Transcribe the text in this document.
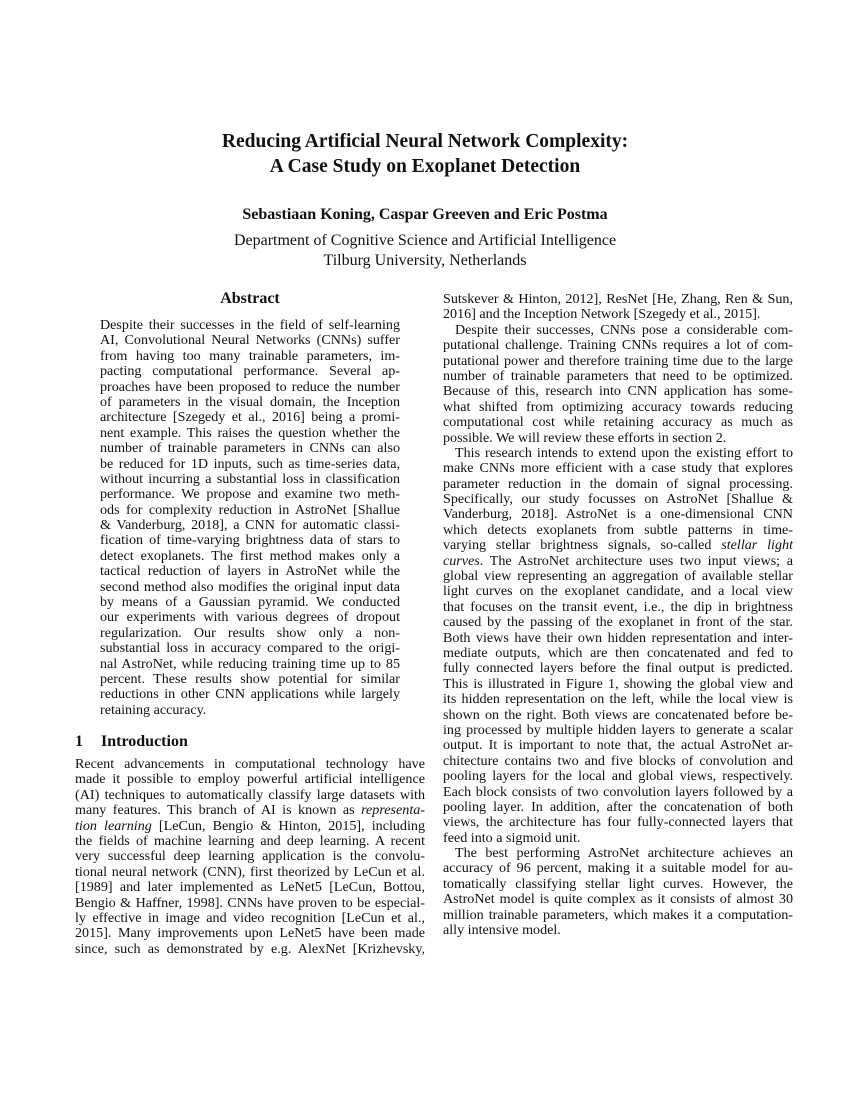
Reducing Artificial Neural Network Complexity:
A Case Study on Exoplanet Detection
Sebastiaan Koning, Caspar Greeven and Eric Postma
Department of Cognitive Science and Artificial Intelligence
Tilburg University, Netherlands
Abstract
Despite their successes in the field of self-learning
AI, Convolutional Neural Networks (CNNs) suffer
from having too many trainable parameters, im-
pacting computational performance. Several ap-
proaches have been proposed to reduce the number
of parameters in the visual domain, the Inception
architecture [Szegedy et al., 2016] being a promi-
nent example. This raises the question whether the
number of trainable parameters in CNNs can also
be reduced for 1D inputs, such as time-series data,
without incurring a substantial loss in classification
performance. We propose and examine two meth-
ods for complexity reduction in AstroNet [Shallue
& Vanderburg, 2018], a CNN for automatic classi-
fication of time-varying brightness data of stars to
detect exoplanets. The first method makes only a
tactical reduction of layers in AstroNet while the
second method also modifies the original input data
by means of a Gaussian pyramid. We conducted
our experiments with various degrees of dropout
regularization. Our results show only a non-
substantial loss in accuracy compared to the origi-
nal AstroNet, while reducing training time up to 85
percent. These results show potential for similar
reductions in other CNN applications while largely
retaining accuracy.
1 Introduction
Recent advancements in computational technology have
made it possible to employ powerful artificial intelligence
(AI) techniques to automatically classify large datasets with
many features. This branch of AI is known as representa-
tion learning [LeCun, Bengio & Hinton, 2015], including
the fields of machine learning and deep learning. A recent
very successful deep learning application is the convolu-
tional neural network (CNN), first theorized by LeCun et al.
[1989] and later implemented as LeNet5 [LeCun, Bottou,
Bengio & Haffner, 1998]. CNNs have proven to be especial-
ly effective in image and video recognition [LeCun et al.,
2015]. Many improvements upon LeNet5 have been made
since, such as demonstrated by e.g. AlexNet [Krizhevsky,
Sutskever & Hinton, 2012], ResNet [He, Zhang, Ren & Sun,
2016] and the Inception Network [Szegedy et al., 2015].
Despite their successes, CNNs pose a considerable com-
putational challenge. Training CNNs requires a lot of com-
putational power and therefore training time due to the large
number of trainable parameters that need to be optimized.
Because of this, research into CNN application has some-
what shifted from optimizing accuracy towards reducing
computational cost while retaining accuracy as much as
possible. We will review these efforts in section 2.
This research intends to extend upon the existing effort to
make CNNs more efficient with a case study that explores
parameter reduction in the domain of signal processing.
Specifically, our study focusses on AstroNet [Shallue &
Vanderburg, 2018]. AstroNet is a one-dimensional CNN
which detects exoplanets from subtle patterns in time-
varying stellar brightness signals, so-called stellar light
curves. The AstroNet architecture uses two input views; a
global view representing an aggregation of available stellar
light curves on the exoplanet candidate, and a local view
that focuses on the transit event, i.e., the dip in brightness
caused by the passing of the exoplanet in front of the star.
Both views have their own hidden representation and inter-
mediate outputs, which are then concatenated and fed to
fully connected layers before the final output is predicted.
This is illustrated in Figure 1, showing the global view and
its hidden representation on the left, while the local view is
shown on the right. Both views are concatenated before be-
ing processed by multiple hidden layers to generate a scalar
output. It is important to note that, the actual AstroNet ar-
chitecture contains two and five blocks of convolution and
pooling layers for the local and global views, respectively.
Each block consists of two convolution layers followed by a
pooling layer. In addition, after the concatenation of both
views, the architecture has four fully-connected layers that
feed into a sigmoid unit.
The best performing AstroNet architecture achieves an
accuracy of 96 percent, making it a suitable model for au-
tomatically classifying stellar light curves. However, the
AstroNet model is quite complex as it consists of almost 30
million trainable parameters, which makes it a computation-
ally intensive model.
